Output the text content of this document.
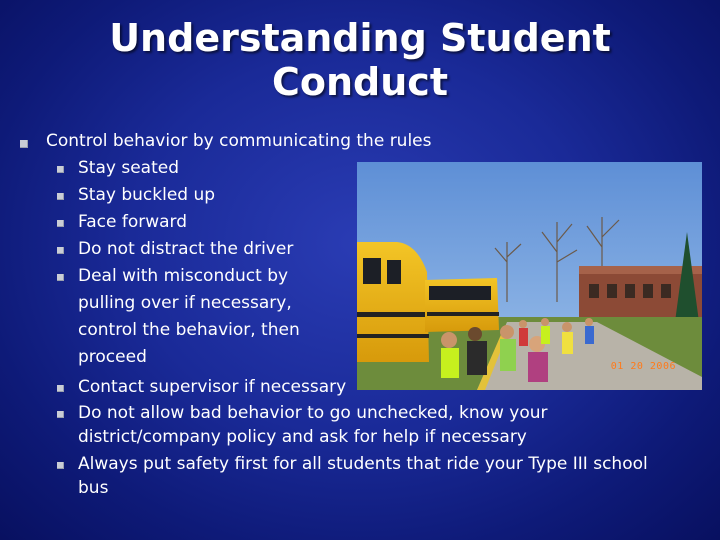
Understanding Student
Conduct
01 20 2006
Control behavior by communicating the rules
Stay seated
Stay buckled up
Face forward
Do not distract the driver
Deal with misconduct by
pulling over if necessary,
control the behavior, then
proceed
Contact supervisor if necessary
Do not allow bad behavior to go unchecked, know your
district/company policy and ask for help if necessary
Always put safety first for all students that ride your Type III school
bus
